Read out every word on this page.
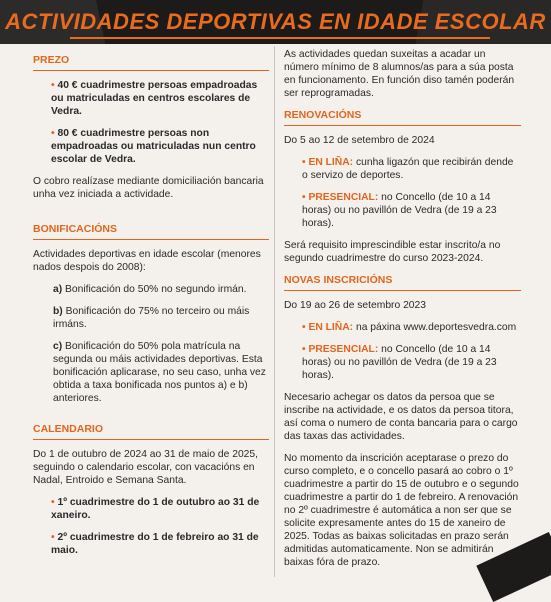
ACTIVIDADES DEPORTIVAS EN IDADE ESCOLAR
PREZO

• 40 € cuadrimestre persoas empadroadas ou matriculadas en centros escolares de Vedra.

• 80 € cuadrimestre persoas non empadroadas ou matriculadas nun centro escolar de Vedra.

O cobro realízase mediante domiciliación bancaria unha vez iniciada a actividade.

BONIFICACIÓNS

Actividades deportivas en idade escolar (menores nados despois do 2008):

a) Bonificación do 50% no segundo irmán.

b) Bonificación do 75% no terceiro ou máis irmáns.

c) Bonificación do 50% pola matrícula na segunda ou máis actividades deportivas. Esta bonificación aplicarase, no seu caso, unha vez obtida a taxa bonificada nos puntos a) e b) anteriores.

CALENDARIO

Do 1 de outubro de 2024 ao 31 de maio de 2025, seguindo o calendario escolar, con vacacións en Nadal, Entroido e Semana Santa.

• 1º cuadrimestre do 1 de outubro ao 31 de xaneiro.

• 2º cuadrimestre do 1 de febreiro ao 31 de maio.

As actividades quedan suxeitas a acadar un número mínimo de 8 alumnos/as para a súa posta en funcionamento. En función diso tamén poderán ser reprogramadas.

RENOVACIÓNS

Do 5 ao 12 de setembro de 2024

• EN LIÑA: cunha ligazón que recibirán dende o servizo de deportes.

• PRESENCIAL: no Concello (de 10 a 14 horas) ou no pavillón de Vedra (de 19 a 23 horas).

Será requisito imprescindible estar inscrito/a no segundo cuadrimestre do curso 2023-2024.

NOVAS INSCRICIÓNS

Do 19 ao 26 de setembro 2023

• EN LIÑA: na páxina www.deportesvedra.com

• PRESENCIAL: no Concello (de 10 a 14 horas) ou no pavillón de Vedra (de 19 a 23 horas).

Necesario achegar os datos da persoa que se inscribe na actividade, e os datos da persoa titora, así coma o numero de conta bancaria para o cargo das taxas das actividades.

No momento da inscrición aceptarase o prezo do curso completo, e o concello pasará ao cobro o 1º cuadrimestre a partir do 15 de outubro e o segundo cuadrimestre a partir do 1 de febreiro. A renovación no 2º cuadrimestre é automática a non ser que se solicite expresamente antes do 15 de xaneiro de 2025. Todas as baixas solicitadas en prazo serán admitidas automaticamente. Non se admitirán baixas fóra de prazo.
